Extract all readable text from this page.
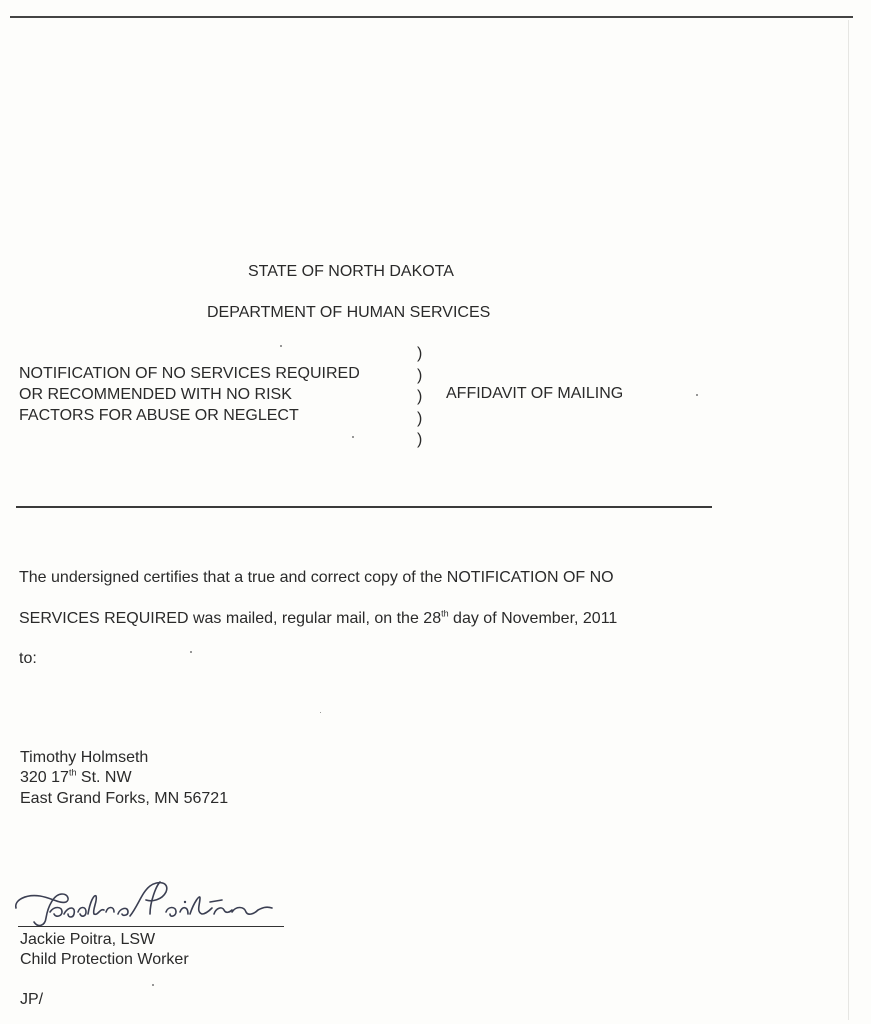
STATE OF NORTH DAKOTA
DEPARTMENT OF HUMAN SERVICES
NOTIFICATION OF NO SERVICES REQUIRED
OR RECOMMENDED WITH NO RISK
FACTORS FOR ABUSE OR NEGLECT
)
)
)
)
)
AFFIDAVIT OF MAILING
The undersigned certifies that a true and correct copy of the NOTIFICATION OF NO
SERVICES REQUIRED was mailed, regular mail, on the 28th day of November, 2011
to:
Timothy Holmseth
320 17th St. NW
East Grand Forks, MN 56721
Jackie Poitra, LSW
Child Protection Worker
JP/
